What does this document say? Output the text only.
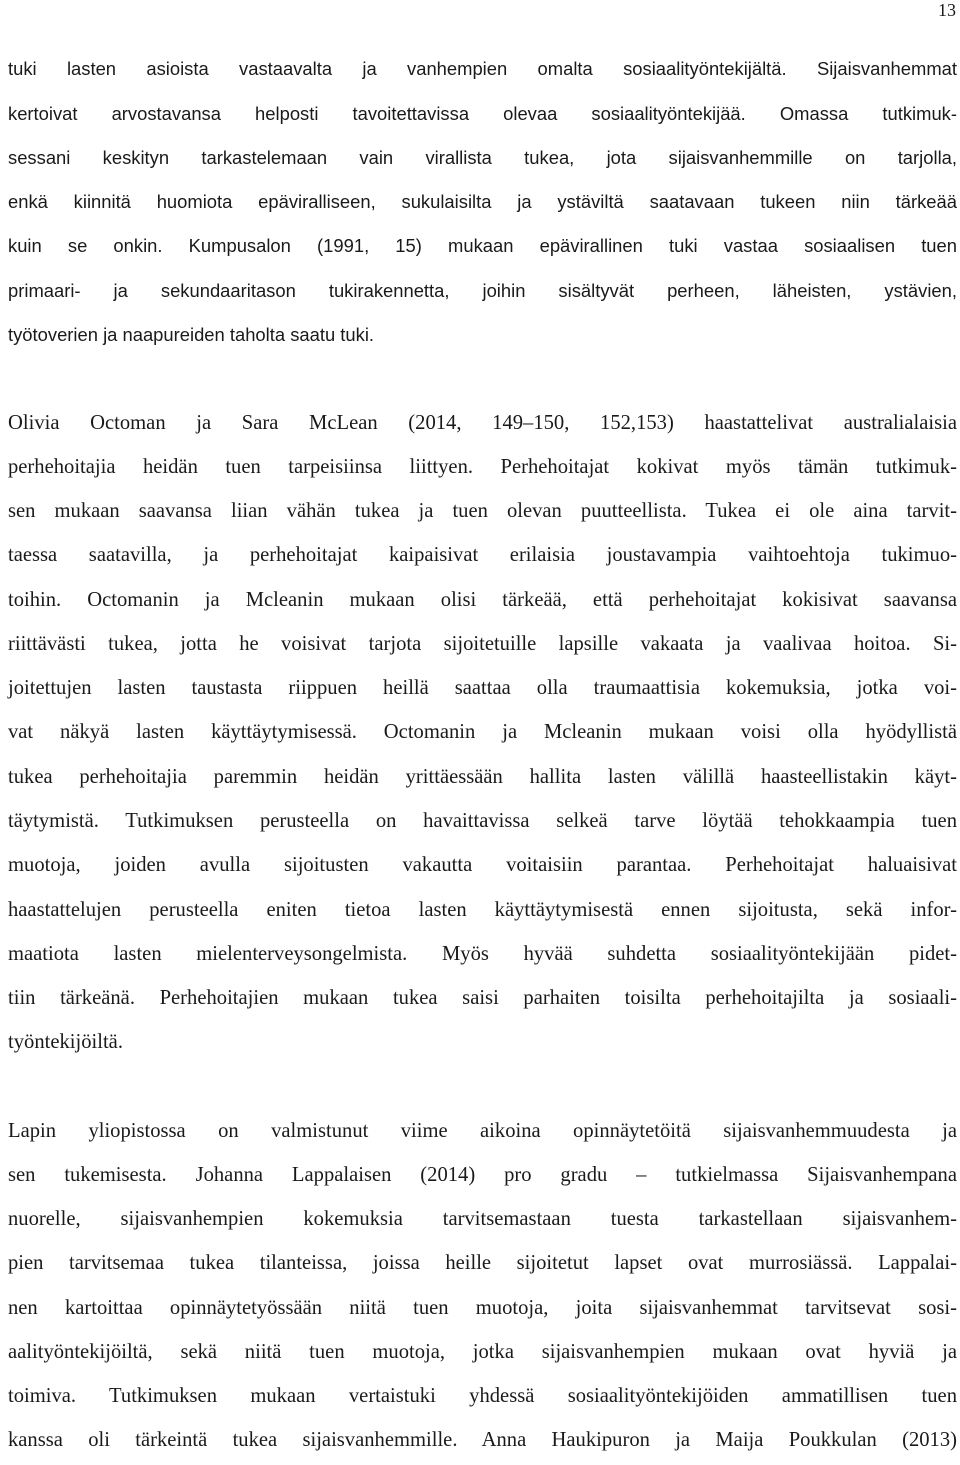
13
tuki lasten asioista vastaavalta ja vanhempien omalta sosiaalityöntekijältä. Sijaisvanhemmat
kertoivat arvostavansa helposti tavoitettavissa olevaa sosiaalityöntekijää. Omassa tutkimuk-
sessani keskityn tarkastelemaan vain virallista tukea, jota sijaisvanhemmille on tarjolla,
enkä kiinnitä huomiota epäviralliseen, sukulaisilta ja ystäviltä saatavaan tukeen niin tärkeää
kuin se onkin. Kumpusalon (1991, 15) mukaan epävirallinen tuki vastaa sosiaalisen tuen
primaari- ja sekundaaritason tukirakennetta, joihin sisältyvät perheen, läheisten, ystävien,
työtoverien ja naapureiden taholta saatu tuki.
Olivia Octoman ja Sara McLean (2014, 149‒150, 152,153) haastattelivat australialaisia
perhehoitajia heidän tuen tarpeisiinsa liittyen. Perhehoitajat kokivat myös tämän tutkimuk-
sen mukaan saavansa liian vähän tukea ja tuen olevan puutteellista. Tukea ei ole aina tarvit-
taessa saatavilla, ja perhehoitajat kaipaisivat erilaisia joustavampia vaihtoehtoja tukimuo-
toihin. Octomanin ja Mcleanin mukaan olisi tärkeää, että perhehoitajat kokisivat saavansa
riittävästi tukea, jotta he voisivat tarjota sijoitetuille lapsille vakaata ja vaalivaa hoitoa. Si-
joitettujen lasten taustasta riippuen heillä saattaa olla traumaattisia kokemuksia, jotka voi-
vat näkyä lasten käyttäytymisessä. Octomanin ja Mcleanin mukaan voisi olla hyödyllistä
tukea perhehoitajia paremmin heidän yrittäessään hallita lasten välillä haasteellistakin käyt-
täytymistä. Tutkimuksen perusteella on havaittavissa selkeä tarve löytää tehokkaampia tuen
muotoja, joiden avulla sijoitusten vakautta voitaisiin parantaa. Perhehoitajat haluaisivat
haastattelujen perusteella eniten tietoa lasten käyttäytymisestä ennen sijoitusta, sekä infor-
maatiota lasten mielenterveysongelmista. Myös hyvää suhdetta sosiaalityöntekijään pidet-
tiin tärkeänä. Perhehoitajien mukaan tukea saisi parhaiten toisilta perhehoitajilta ja sosiaali-
työntekijöiltä.
Lapin yliopistossa on valmistunut viime aikoina opinnäytetöitä sijaisvanhemmuudesta ja
sen tukemisesta. Johanna Lappalaisen (2014) pro gradu ‒ tutkielmassa Sijaisvanhempana
nuorelle, sijaisvanhempien kokemuksia tarvitsemastaan tuesta tarkastellaan sijaisvanhem-
pien tarvitsemaa tukea tilanteissa, joissa heille sijoitetut lapset ovat murrosiässä. Lappalai-
nen kartoittaa opinnäytetyössään niitä tuen muotoja, joita sijaisvanhemmat tarvitsevat sosi-
aalityöntekijöiltä, sekä niitä tuen muotoja, jotka sijaisvanhempien mukaan ovat hyviä ja
toimiva. Tutkimuksen mukaan vertaistuki yhdessä sosiaalityöntekijöiden ammatillisen tuen
kanssa oli tärkeintä tukea sijaisvanhemmille. Anna Haukipuron ja Maija Poukkulan (2013)
